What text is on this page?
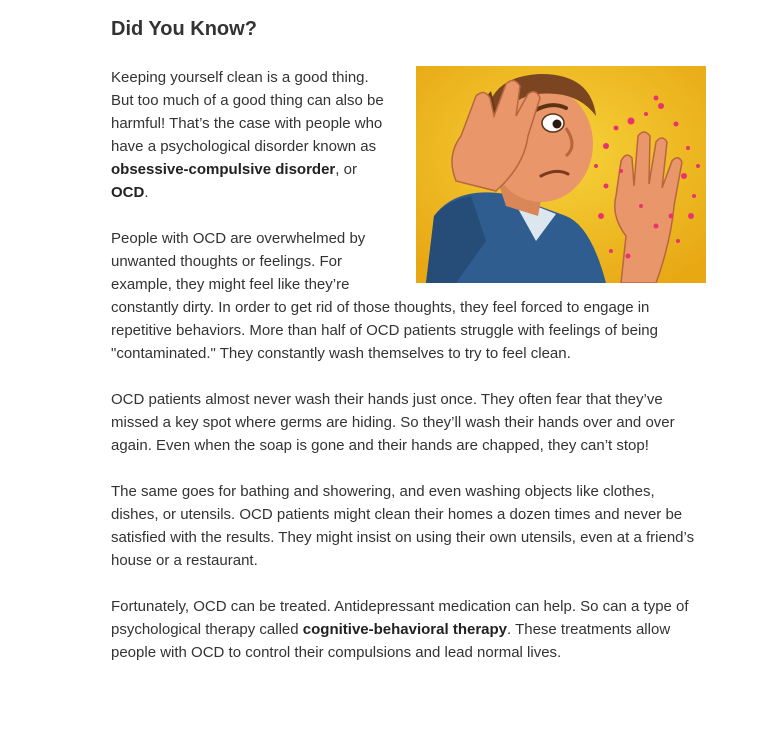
Did You Know?

Keeping yourself clean is a good thing. But too much of a good thing can also be harmful! That’s the case with people who have a psychological disorder known as obsessive-compulsive disorder, or OCD.

People with OCD are overwhelmed by unwanted thoughts or feelings. For example, they might feel like they’re constantly dirty. In order to get rid of those thoughts, they feel forced to engage in repetitive behaviors. More than half of OCD patients struggle with feelings of being "contaminated." They constantly wash themselves to try to feel clean.

OCD patients almost never wash their hands just once. They often fear that they’ve missed a key spot where germs are hiding. So they’ll wash their hands over and over again. Even when the soap is gone and their hands are chapped, they can’t stop!

The same goes for bathing and showering, and even washing objects like clothes, dishes, or utensils. OCD patients might clean their homes a dozen times and never be satisfied with the results. They might insist on using their own utensils, even at a friend’s house or a restaurant.

Fortunately, OCD can be treated. Antidepressant medication can help. So can a type of psychological therapy called cognitive-behavioral therapy. These treatments allow people with OCD to control their compulsions and lead normal lives.
